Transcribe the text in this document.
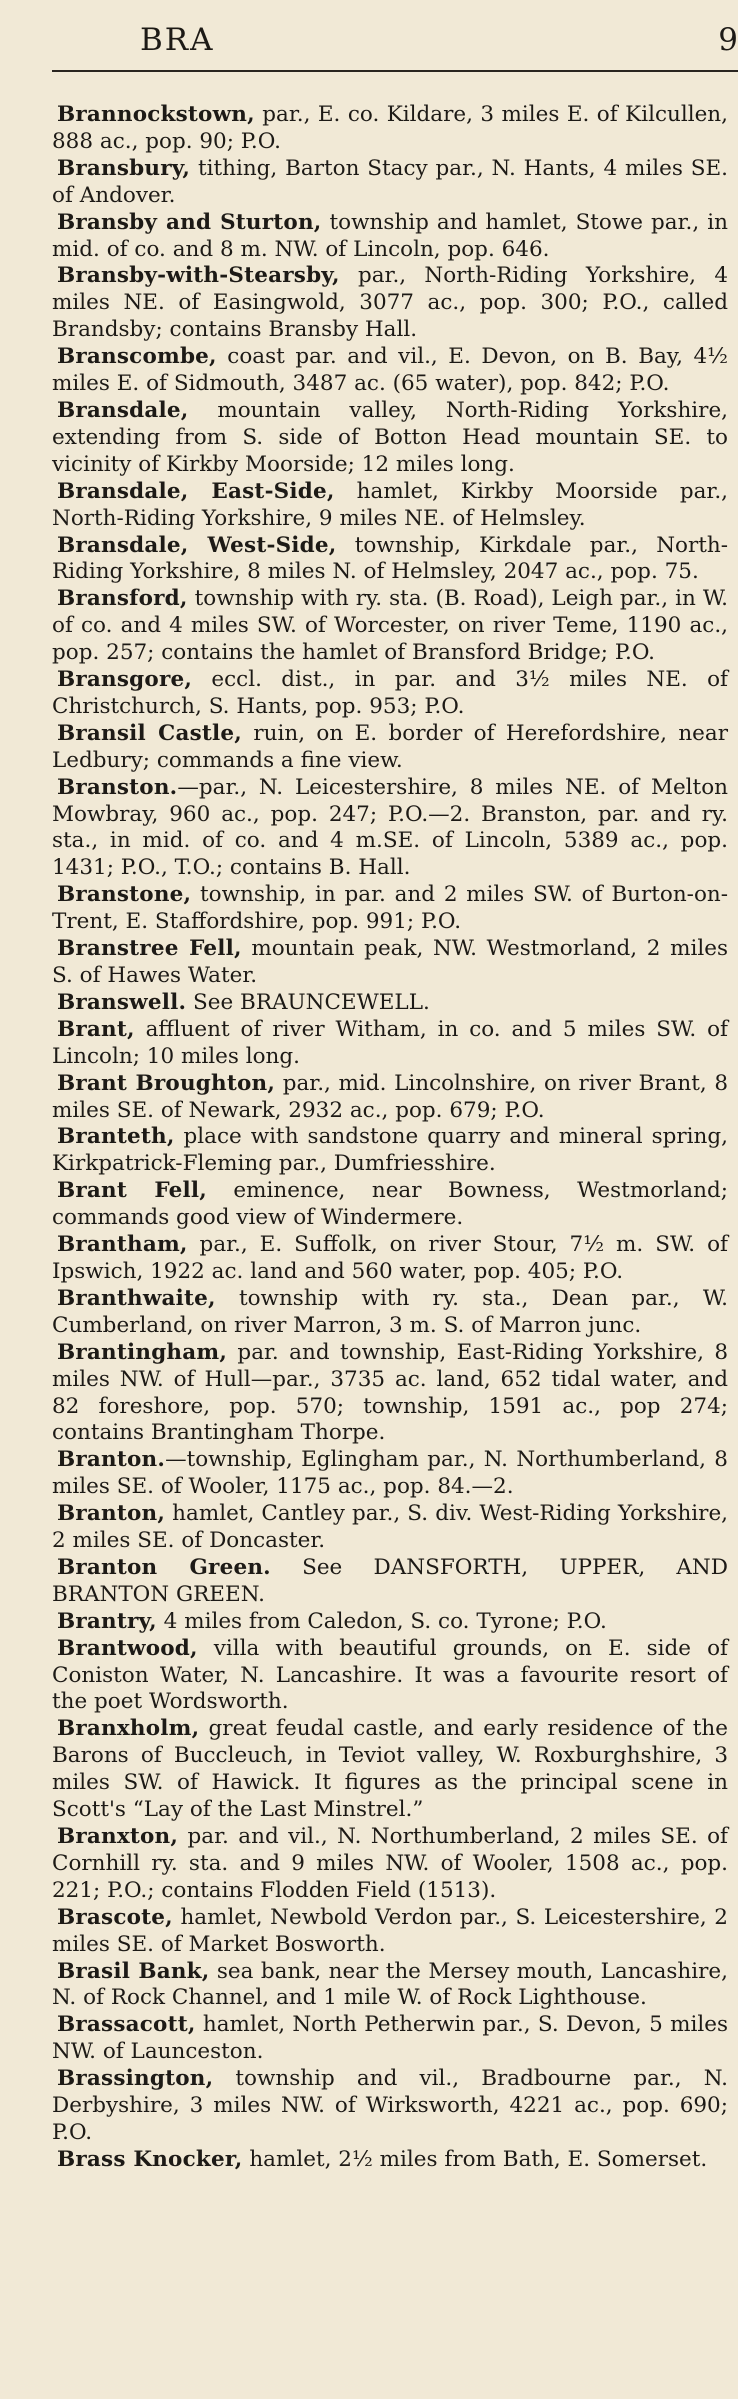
BRA	9

Brannockstown, par., E. co. Kildare, 3 miles E. of Kilcullen, 888 ac., pop. 90; P.O.

Bransbury, tithing, Barton Stacy par., N. Hants, 4 miles SE. of Andover.

Bransby and Sturton, township and hamlet, Stowe par., in mid. of co. and 8 m. NW. of Lincoln, pop. 646.

Bransby-with-Stearsby, par., North-Riding Yorkshire, 4 miles NE. of Easingwold, 3077 ac., pop. 300; P.O., called Brandsby; contains Bransby Hall.

Branscombe, coast par. and vil., E. Devon, on B. Bay, 4½ miles E. of Sidmouth, 3487 ac. (65 water), pop. 842; P.O.

Bransdale, mountain valley, North-Riding Yorkshire, extending from S. side of Botton Head mountain SE. to vicinity of Kirkby Moorside; 12 miles long.

Bransdale, East-Side, hamlet, Kirkby Moorside par., North-Riding Yorkshire, 9 miles NE. of Helmsley.

Bransdale, West-Side, township, Kirkdale par., North-Riding Yorkshire, 8 miles N. of Helmsley, 2047 ac., pop. 75.

Bransford, township with ry. sta. (B. Road), Leigh par., in W. of co. and 4 miles SW. of Worcester, on river Teme, 1190 ac., pop. 257; contains the hamlet of Bransford Bridge; P.O.

Bransgore, eccl. dist., in par. and 3½ miles NE. of Christchurch, S. Hants, pop. 953; P.O.

Bransil Castle, ruin, on E. border of Herefordshire, near Ledbury; commands a fine view.

Branston.—par., N. Leicestershire, 8 miles NE. of Melton Mowbray, 960 ac., pop. 247; P.O.—2. Branston, par. and ry. sta., in mid. of co. and 4 m.SE. of Lincoln, 5389 ac., pop. 1431; P.O., T.O.; contains B. Hall.

Branstone, township, in par. and 2 miles SW. of Burton-on-Trent, E. Staffordshire, pop. 991; P.O.

Branstree Fell, mountain peak, NW. Westmorland, 2 miles S. of Hawes Water.

Branswell. See BRAUNCEWELL.

Brant, affluent of river Witham, in co. and 5 miles SW. of Lincoln; 10 miles long.

Brant Broughton, par., mid. Lincolnshire, on river Brant, 8 miles SE. of Newark, 2932 ac., pop. 679; P.O.

Branteth, place with sandstone quarry and mineral spring, Kirkpatrick-Fleming par., Dumfriesshire.

Brant Fell, eminence, near Bowness, Westmorland; commands good view of Windermere.

Brantham, par., E. Suffolk, on river Stour, 7½ m. SW. of Ipswich, 1922 ac. land and 560 water, pop. 405; P.O.

Branthwaite, township with ry. sta., Dean par., W. Cumberland, on river Marron, 3 m. S. of Marron junc.

Brantingham, par. and township, East-Riding Yorkshire, 8 miles NW. of Hull—par., 3735 ac. land, 652 tidal water, and 82 foreshore, pop. 570; township, 1591 ac., pop 274; contains Brantingham Thorpe.

Branton.—township, Eglingham par., N. Northumberland, 8 miles SE. of Wooler, 1175 ac., pop. 84.—2.

Branton, hamlet, Cantley par., S. div. West-Riding Yorkshire, 2 miles SE. of Doncaster.

Branton Green. See DANSFORTH, UPPER, AND BRANTON GREEN.

Brantry, 4 miles from Caledon, S. co. Tyrone; P.O.

Brantwood, villa with beautiful grounds, on E. side of Coniston Water, N. Lancashire. It was a favourite resort of the poet Wordsworth.

Branxholm, great feudal castle, and early residence of the Barons of Buccleuch, in Teviot valley, W. Roxburghshire, 3 miles SW. of Hawick. It figures as the principal scene in Scott's “Lay of the Last Minstrel.”

Branxton, par. and vil., N. Northumberland, 2 miles SE. of Cornhill ry. sta. and 9 miles NW. of Wooler, 1508 ac., pop. 221; P.O.; contains Flodden Field (1513).

Brascote, hamlet, Newbold Verdon par., S. Leicestershire, 2 miles SE. of Market Bosworth.

Brasil Bank, sea bank, near the Mersey mouth, Lancashire, N. of Rock Channel, and 1 mile W. of Rock Lighthouse.

Brassacott, hamlet, North Petherwin par., S. Devon, 5 miles NW. of Launceston.

Brassington, township and vil., Bradbourne par., N. Derbyshire, 3 miles NW. of Wirksworth, 4221 ac., pop. 690; P.O.

Brass Knocker, hamlet, 2½ miles from Bath, E. Somerset.
